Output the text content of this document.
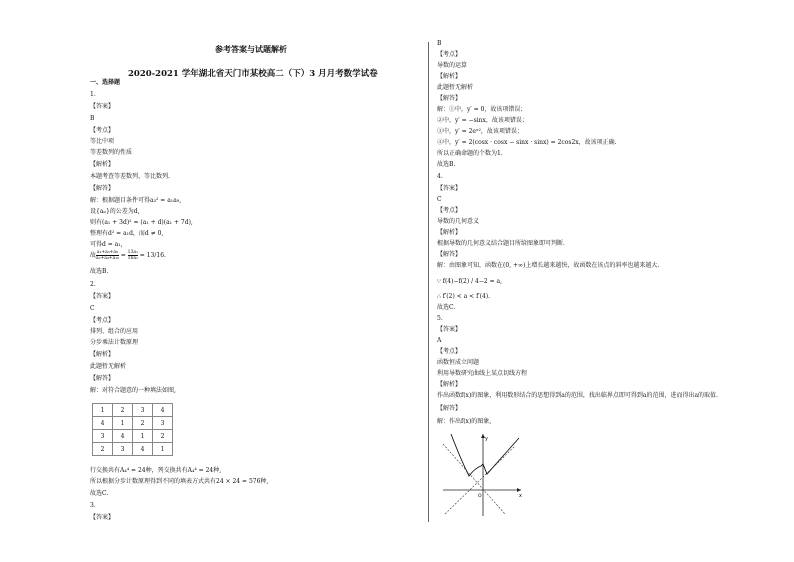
参考答案与试题解析
2020-2021 学年湖北省天门市某校高二（下）3 月月考数学试卷
一、选择题
1.
【答案】
B
【考点】
等比中项
等差数列的性质
【解析】
本题考查等差数列、等比数列.
【解答】
解：根据题目条件可得a₃² = a₁a₉,
设{aₙ}的公差为d,
则有(a₁ + 3d)² = (a₁ + d)(a₁ + 7d),
整理有d² = a₁d，而d ≠ 0,
可得d = a₁,
故 $\frac{\text{a₁+a₃+a₉}}{\text{a₂+a₄+a₁₀}} = \frac{\text{13a₁}}{\text{16a₁}} = 13/16$.
故选B.
2.
【答案】
C
【考点】
排列、组合的应用
分步乘法计数原理
【解析】
此题暂无解析
【解答】
解：对符合题意的一种填法如图,
1	2	3	4
4	1	2	3
3	4	1	2
2	3	4	1
行交换共有A₄⁴ = 24种，列交换共有A₄⁴ = 24种,
所以根据分步计数原理得到不同的填表方式共有24 × 24 = 576种,
故选C.
3.
【答案】
B
【考点】
导数的运算
【解析】
此题暂无解析
【解答】
解：①中，y′ = 0，故该项错误；
②中，y′ = −sinx，故该项错误；
③中，y′ = 2eˣ²，故该项错误；
④中，y′ = 2(cosx · cosx − sinx · sinx) = 2cos2x，故该项正确.
所以正确命题的个数为1.
故选B.
4.
【答案】
C
【考点】
导数的几何意义
【解析】
根据导数的几何意义结合题目所给图象即可判断.
【解答】
解：由图象可知，函数在(0, +∞)上增长越来越快，故函数在该点的斜率也越来越大.
∵ f(4)−f(2) / 4−2 = a,
∴ f′(2) < a < f′(4).
故选C.
5.
【答案】
A
【考点】
函数恒成立问题
利用导数研究曲线上某点切线方程
【解析】
作出函数f(x)的图象，利用数形结合的思想得到a的范围，找出临界点即可得到a的范围，进而得出a的取值.
【解答】
解：作出f(x)的图象,
y
x
O
